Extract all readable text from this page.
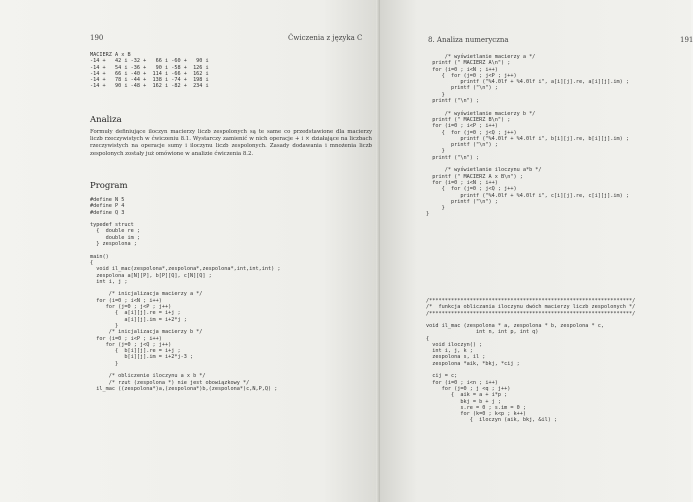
190	Ćwiczenia z języka C
MACIERZ A x B
-14 +   42 i -32 +   66 i -60 +   90 i
-14 +   54 i -36 +   90 i -58 +  126 i
-14 +   66 i -40 +  114 i -66 +  162 i
-14 +   78 i -44 +  138 i -74 +  198 i
-14 +   90 i -48 +  162 i -82 +  234 i
Analiza

Formuły definiujące iloczyn macierzy liczb zespolonych są te same co przedstawione dla macierzy liczb rzeczywistych w ćwiczeniu 8.1. Wystarczy zamienić w nich operacje + i × działające na liczbach rzeczywistych na operacje sumy i iloczynu liczb zespolonych. Zasady dodawania i mnożenia liczb zespolonych zostały już omówione w analizie ćwiczenia 8.2.

Program
#define N 5
#define P 4
#define Q 3

typedef struct
{  double re ;
double im ;
} zespolona ;

main()
{
void il_mac(zespolona*,zespolona*,zespolona*,int,int,int) ;
zespolona a[N][P], b[P][Q], c[N][Q] ;
int i, j ;

/* inicjalizacja macierzy a */
for (i=0 ; i<N ; i++)
for (j=0 ; j<P ; j++)
{  a[i][j].re = i+j ;
a[i][j].im = i+2*j ;
}
/* inicjalizacja macierzy b */
for (i=0 ; i<P ; i++)
for (j=0 ; j<Q ; j++)
{  b[i][j].re = i+j ;
b[i][j].im = i+2*j-3 ;
}

/* obliczenie iloczynu a x b */
/* rzut (zespolona *) nie jest obowiązkowy */
il_mac ((zespolona*)a,(zespolona*)b,(zespolona*)c,N,P,Q) ;
8. Analiza numeryczna	191
/* wyświetlanie macierzy a */
printf (" MACIERZ A\n") ;
for (i=0 ; i<N ; i++)
{  for (j=0 ; j<P ; j++)
printf ("%4.0lf + %4.0lf i", a[i][j].re, a[i][j].im) ;
printf ("\n") ;
}
printf ("\n") ;

/* wyświetlanie macierzy b */
printf (" MACIERZ B\n") ;
for (i=0 ; i<P ; i++)
{  for (j=0 ; j<Q ; j++)
printf ("%4.0lf + %4.0lf i", b[i][j].re, b[i][j].im) ;
printf ("\n") ;
}
printf ("\n") ;

/* wyświetlanie iloczynu a*b */
printf (" MACIERZ A x B\n") ;
for (i=0 ; i<N ; i++)
{  for (j=0 ; j<Q ; j++)
printf ("%4.0lf + %4.0lf i", c[i][j].re, c[i][j].im) ;
printf ("\n") ;
}
}
/*****************************************************************/
/*  funkcja obliczania iloczynu dwóch macierzy liczb zespolonych */
/*****************************************************************/
void il_mac (zespolona * a, zespolona * b, zespolona * c,
int n, int p, int q)
{
void iloczyn() ;
int i, j, k ;
zespolona s, il ;
zespolona *aik, *bkj, *cij ;

cij = c;
for (i=0 ; i<n ; i++)
for (j=0 ; j <q ; j++)
{  aik = a + i*p ;
bkj = b + j ;
s.re = 0 ; s.im = 0 ;
for (k=0 ; k<p ; k++)
{  iloczyn (aik, bkj, &il) ;
